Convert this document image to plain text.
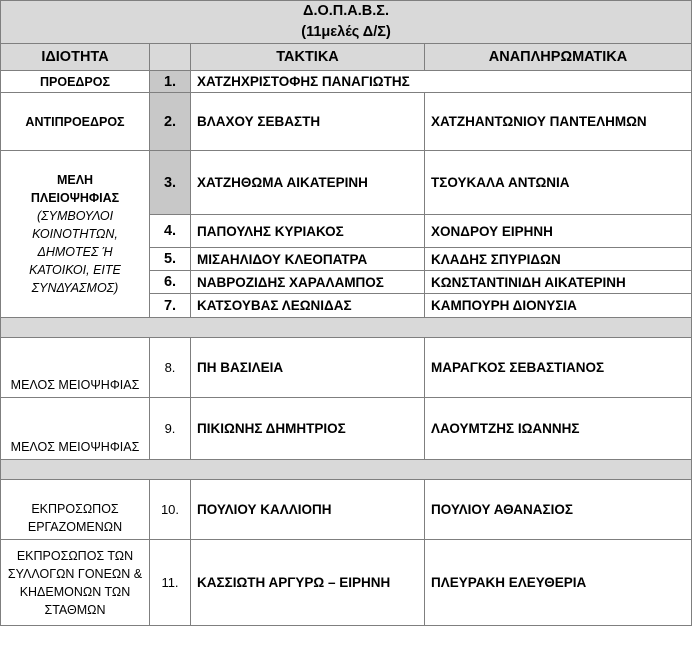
Δ.Ο.Π.Α.Β.Σ.
(11μελές Δ/Σ)			

ΙΔΙΟΤΗΤΑ		ΤΑΚΤΙΚΑ	ΑΝΑΠΛΗΡΩΜΑΤΙΚΑ
ΠΡΟΕΔΡΟΣ	1.	ΧΑΤΖΗΧΡΙΣΤΟΦΗΣ ΠΑΝΑΓΙΩΤΗΣ	
ΑΝΤΙΠΡΟΕΔΡΟΣ	2.	ΒΛΑΧΟΥ ΣΕΒΑΣΤΗ	ΧΑΤΖΗΑΝΤΩΝΙΟΥ ΠΑΝΤΕΛΗΜΩΝ

ΜΕΛΗ
ΠΛΕΙΟΨΗΦΙΑΣ
(ΣΥΜΒΟΥΛΟΙ ΚΟΙΝΟΤΗΤΩΝ, ΔΗΜΟΤΕΣ Ή ΚΑΤΟΙΚΟΙ, ΕΙΤΕ ΣΥΝΔΥΑΣΜΟΣ)	3.	ΧΑΤΖΗΘΩΜΑ ΑΙΚΑΤΕΡΙΝΗ	ΤΣΟΥΚΑΛΑ ΑΝΤΩΝΙΑ
	4.	ΠΑΠΟΥΛΗΣ ΚΥΡΙΑΚΟΣ	ΧΟΝΔΡΟΥ ΕΙΡΗΝΗ
	5.	ΜΙΣΑΗΛΙΔΟΥ ΚΛΕΟΠΑΤΡΑ	ΚΛΑΔΗΣ ΣΠΥΡΙΔΩΝ
	6.	ΝΑΒΡΟΖΙΔΗΣ ΧΑΡΑΛΑΜΠΟΣ	ΚΩΝΣΤΑΝΤΙΝΙΔΗ ΑΙΚΑΤΕΡΙΝΗ
	7.	ΚΑΤΣΟΥΒΑΣ ΛΕΩΝΙΔΑΣ	ΚΑΜΠΟΥΡΗ ΔΙΟΝΥΣΙΑ

ΜΕΛΟΣ ΜΕΙΟΨΗΦΙΑΣ	8.	ΠΗ ΒΑΣΙΛΕΙΑ	ΜΑΡΑΓΚΟΣ ΣΕΒΑΣΤΙΑΝΟΣ
ΜΕΛΟΣ ΜΕΙΟΨΗΦΙΑΣ	9.	ΠΙΚΙΩΝΗΣ ΔΗΜΗΤΡΙΟΣ	ΛΑΟΥΜΤΖΗΣ ΙΩΑΝΝΗΣ

ΕΚΠΡΟΣΩΠΟΣ ΕΡΓΑΖΟΜΕΝΩΝ	10.	ΠΟΥΛΙΟΥ ΚΑΛΛΙΟΠΗ	ΠΟΥΛΙΟΥ ΑΘΑΝΑΣΙΟΣ
ΕΚΠΡΟΣΩΠΟΣ ΤΩΝ ΣΥΛΛΟΓΩΝ ΓΟΝΕΩΝ & ΚΗΔΕΜΟΝΩΝ ΤΩΝ ΣΤΑΘΜΩΝ	11.	ΚΑΣΣΙΩΤΗ ΑΡΓΥΡΩ – ΕΙΡΗΝΗ	ΠΛΕΥΡΑΚΗ ΕΛΕΥΘΕΡΙΑ
